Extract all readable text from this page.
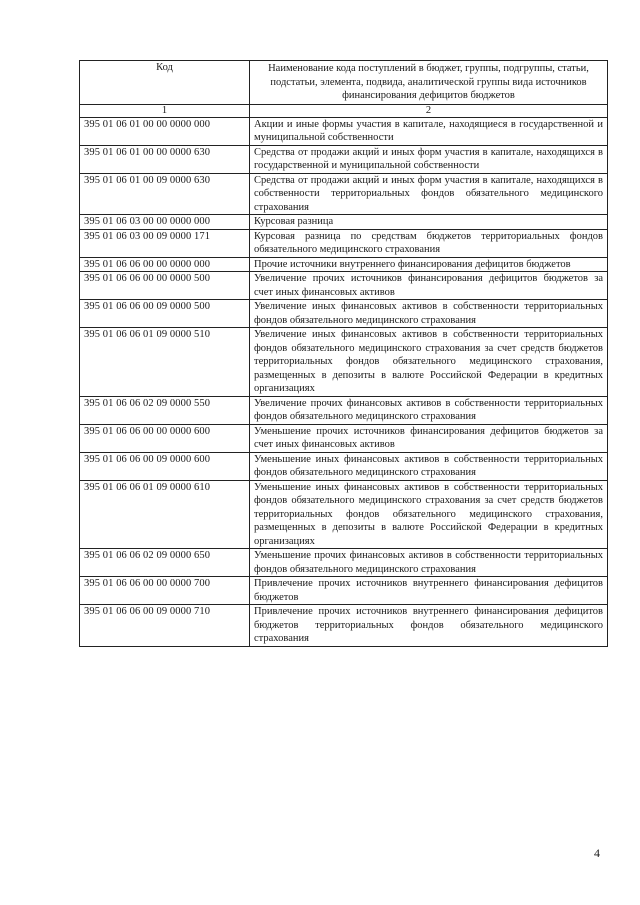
Код	Наименование кода поступлений в бюджет, группы, подгруппы, статьи, подстатьи, элемента, подвида, аналитической группы вида источников финансирования дефицитов бюджетов
1	2
395 01 06 01 00 00 0000 000	Акции и иные формы участия в капитале, находящиеся в государственной и муниципальной собственности
395 01 06 01 00 00 0000 630	Средства от продажи акций и иных форм участия в капитале, находящихся в государственной и муниципальной собственности
395 01 06 01 00 09 0000 630	Средства от продажи акций и иных форм участия в капитале, находящихся в собственности территориальных фондов обязательного медицинского страхования
395 01 06 03 00 00 0000 000	Курсовая разница
395 01 06 03 00 09 0000 171	Курсовая разница по средствам бюджетов территориальных фондов обязательного медицинского страхования
395 01 06 06 00 00 0000 000	Прочие источники внутреннего финансирования дефицитов бюджетов
395 01 06 06 00 00 0000 500	Увеличение прочих источников финансирования дефицитов бюджетов за счет иных финансовых активов
395 01 06 06 00 09 0000 500	Увеличение иных финансовых активов в собственности территориальных фондов обязательного медицинского страхования
395 01 06 06 01 09 0000 510	Увеличение иных финансовых активов в собственности территориальных фондов обязательного медицинского страхования за счет средств бюджетов территориальных фондов обязательного медицинского страхования, размещенных в депозиты в валюте Российской Федерации в кредитных организациях
395 01 06 06 02 09 0000 550	Увеличение прочих финансовых активов в собственности территориальных фондов обязательного медицинского страхования
395 01 06 06 00 00 0000 600	Уменьшение прочих источников финансирования дефицитов бюджетов за счет иных финансовых активов
395 01 06 06 00 09 0000 600	Уменьшение иных финансовых активов в собственности территориальных фондов обязательного медицинского страхования
395 01 06 06 01 09 0000 610	Уменьшение иных финансовых активов в собственности территориальных фондов обязательного медицинского страхования за счет средств бюджетов территориальных фондов обязательного медицинского страхования, размещенных в депозиты в валюте Российской Федерации в кредитных организациях
395 01 06 06 02 09 0000 650	Уменьшение прочих финансовых активов в собственности территориальных фондов обязательного медицинского страхования
395 01 06 06 00 00 0000 700	Привлечение прочих источников внутреннего финансирования дефицитов бюджетов
395 01 06 06 00 09 0000 710	Привлечение прочих источников внутреннего финансирования дефицитов бюджетов территориальных фондов обязательного медицинского страхования
4
